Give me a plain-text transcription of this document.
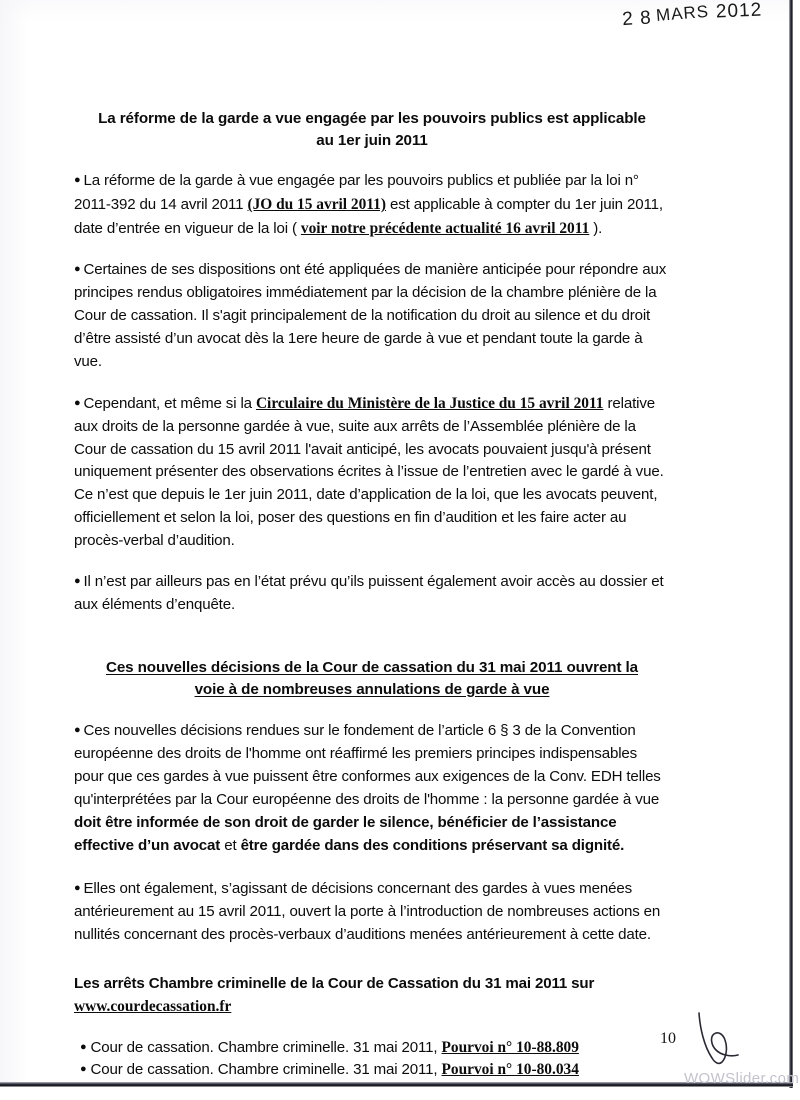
2 8 MARS 2012
La réforme de la garde a vue engagée par les pouvoirs publics est applicable
au 1er juin 2011

● La réforme de la garde à vue engagée par les pouvoirs publics et publiée par la loi n° 2011-392 du 14 avril 2011 (JO du 15 avril 2011) est applicable à compter du 1er juin 2011, date d’entrée en vigueur de la loi ( voir notre précédente actualité 16 avril 2011 ).

● Certaines de ses dispositions ont été appliquées de manière anticipée pour répondre aux principes rendus obligatoires immédiatement par la décision de la chambre plénière de la Cour de cassation. Il s'agit principalement de la notification du droit au silence et du droit d’être assisté d’un avocat dès la 1ere heure de garde à vue et pendant toute la garde à vue.

● Cependant, et même si la Circulaire du Ministère de la Justice du 15 avril 2011 relative aux droits de la personne gardée à vue, suite aux arrêts de l’Assemblée plénière de la Cour de cassation du 15 avril 2011 l'avait anticipé, les avocats pouvaient jusqu'à présent uniquement présenter des observations écrites à l’issue de l’entretien avec le gardé à vue. Ce n’est que depuis le 1er juin 2011, date d’application de la loi, que les avocats peuvent, officiellement et selon la loi, poser des questions en fin d’audition et les faire acter au procès-verbal d’audition.

● Il n’est par ailleurs pas en l’état prévu qu’ils puissent également avoir accès au dossier et aux éléments d’enquête.

Ces nouvelles décisions de la Cour de cassation du 31 mai 2011 ouvrent la
voie à de nombreuses annulations de garde à vue

● Ces nouvelles décisions rendues sur le fondement de l’article 6 § 3 de la Convention européenne des droits de l'homme ont réaffirmé les premiers principes indispensables pour que ces gardes à vue puissent être conformes aux exigences de la Conv. EDH telles qu'interprétées par la Cour européenne des droits de l'homme : la personne gardée à vue doit être informée de son droit de garder le silence, bénéficier de l’assistance effective d’un avocat et être gardée dans des conditions préservant sa dignité.

● Elles ont également, s’agissant de décisions concernant des gardes à vues menées antérieurement au 15 avril 2011, ouvert la porte à l’introduction de nombreuses actions en nullités concernant des procès-verbaux d’auditions menées antérieurement à cette date.

Les arrêts Chambre criminelle de la Cour de Cassation du 31 mai 2011 sur
www.courdecassation.fr

● Cour de cassation. Chambre criminelle. 31 mai 2011, Pourvoi n° 10-88.809
● Cour de cassation. Chambre criminelle. 31 mai 2011, Pourvoi n° 10-80.034
10
WOWSlider.com
